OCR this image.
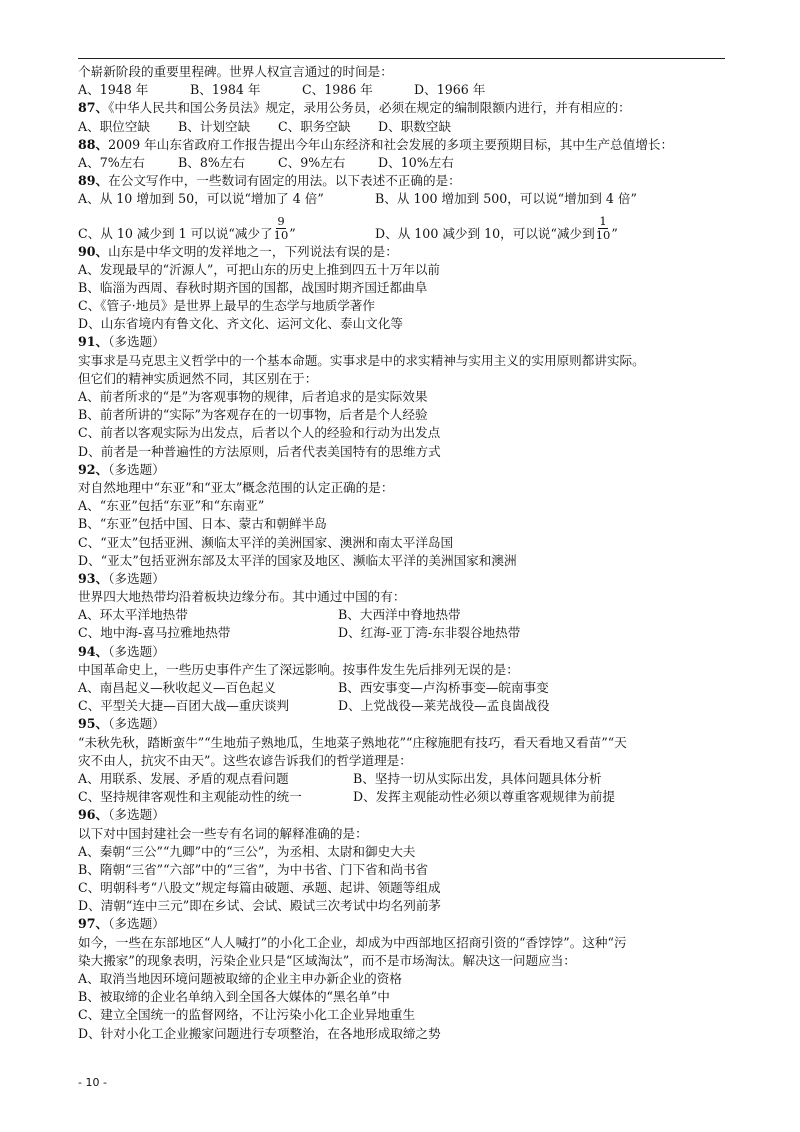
个崭新阶段的重要里程碑。世界人权宣言通过的时间是：
A、1948 年	B、1984 年	C、1986 年	D、1966 年
87、《中华人民共和国公务员法》规定，录用公务员，必须在规定的编制限额内进行，并有相应的：
A、职位空缺 B、计划空缺 C、职务空缺 D、职数空缺
88、2009 年山东省政府工作报告提出今年山东经济和社会发展的多项主要预期目标，其中生产总值增长：
A、7%左右	B、8%左右	C、9%左右	D、10%左右
89、在公文写作中，一些数词有固定的用法。以下表述不正确的是：
A、从 10 增加到 50，可以说“增加了 4 倍”	B、从 100 增加到 500，可以说“增加到 4 倍”
C、从 10 减少到 1 可以说“减少了 $\frac{9}{10}$ ”	D、从 100 减少到 10，可以说“减少到 $\frac{1}{10}$ ”
90、山东是中华文明的发祥地之一，下列说法有误的是：
A、发现最早的“沂源人”，可把山东的历史上推到四五十万年以前
B、临淄为西周、春秋时期齐国的国都，战国时期齐国迁都曲阜
C、《管子·地员》是世界上最早的生态学与地质学著作
D、山东省境内有鲁文化、齐文化、运河文化、泰山文化等
91、（多选题）
实事求是马克思主义哲学中的一个基本命题。实事求是中的求实精神与实用主义的实用原则都讲实际。
但它们的精神实质迥然不同，其区别在于：
A、前者所求的“是”为客观事物的规律，后者追求的是实际效果
B、前者所讲的“实际”为客观存在的一切事物，后者是个人经验
C、前者以客观实际为出发点，后者以个人的经验和行动为出发点
D、前者是一种普遍性的方法原则，后者代表美国特有的思维方式
92、（多选题）
对自然地理中“东亚”和“亚太”概念范围的认定正确的是：
A、“东亚”包括“东亚”和“东南亚”
B、“东亚”包括中国、日本、蒙古和朝鲜半岛
C、“亚太”包括亚洲、濒临太平洋的美洲国家、澳洲和南太平洋岛国
D、“亚太”包括亚洲东部及太平洋的国家及地区、濒临太平洋的美洲国家和澳洲
93、（多选题）
世界四大地热带均沿着板块边缘分布。其中通过中国的有：
A、环太平洋地热带	B、大西洋中脊地热带
C、地中海-喜马拉雅地热带	D、红海-亚丁湾-东非裂谷地热带
94、（多选题）
中国革命史上，一些历史事件产生了深远影响。按事件发生先后排列无误的是：
A、南昌起义—秋收起义—百色起义	B、西安事变—卢沟桥事变—皖南事变
C、平型关大捷—百团大战—重庆谈判	D、上党战役—莱芜战役—孟良崮战役
95、（多选题）
“未秋先秋，踏断蛮牛”“生地茄子熟地瓜，生地菜子熟地花”“庄稼施肥有技巧，看天看地又看苗”“天
灾不由人，抗灾不由天”。这些农谚告诉我们的哲学道理是：
A、用联系、发展、矛盾的观点看问题	B、坚持一切从实际出发，具体问题具体分析
C、坚持规律客观性和主观能动性的统一	D、发挥主观能动性必须以尊重客观规律为前提
96、（多选题）
以下对中国封建社会一些专有名词的解释准确的是：
A、秦朝“三公”“九卿”中的“三公”，为丞相、太尉和御史大夫
B、隋朝“三省”“六部”中的“三省”，为中书省、门下省和尚书省
C、明朝科考“八股文”规定每篇由破题、承题、起讲、领题等组成
D、清朝“连中三元”即在乡试、会试、殿试三次考试中均名列前茅
97、（多选题）
如今，一些在东部地区“人人喊打”的小化工企业，却成为中西部地区招商引资的“香饽饽”。这种“污
染大搬家”的现象表明，污染企业只是“区域淘汰”，而不是市场淘汰。解决这一问题应当：
A、取消当地因环境问题被取缔的企业主申办新企业的资格
B、被取缔的企业名单纳入到全国各大媒体的“黑名单”中
C、建立全国统一的监督网络，不让污染小化工企业异地重生
D、针对小化工企业搬家问题进行专项整治，在各地形成取缔之势
- 10 -
